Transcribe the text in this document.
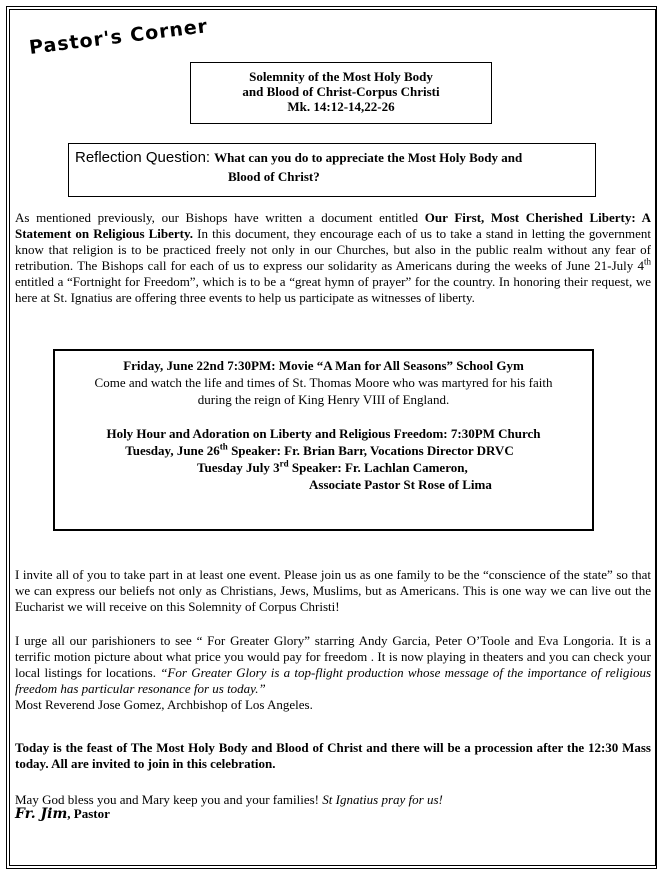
Pastor's Corner
Solemnity of the Most Holy Body
and Blood of Christ-Corpus Christi
Mk. 14:12-14,22-26
Reflection Question: What can you do to appreciate the Most Holy Body and
Blood of Christ?

As mentioned previously, our Bishops have written a document entitled Our First, Most Cherished Liberty: A Statement on Religious Liberty. In this document, they encourage each of us to take a stand in letting the government know that religion is to be practiced freely not only in our Churches, but also in the public realm without any fear of retribution. The Bishops call for each of us to express our solidarity as Americans during the weeks of June 21-July 4th entitled a “Fortnight for Freedom”, which is to be a “great hymn of prayer” for the country. In honoring their request, we here at St. Ignatius are offering three events to help us participate as witnesses of liberty.

Friday, June 22nd 7:30PM: Movie “A Man for All Seasons” School Gym
Come and watch the life and times of St. Thomas Moore who was martyred for his faith
during the reign of King Henry VIII of England.
Holy Hour and Adoration on Liberty and Religious Freedom: 7:30PM Church
Tuesday, June 26th Speaker: Fr. Brian Barr, Vocations Director DRVC
Tuesday July 3rd Speaker: Fr. Lachlan Cameron,
Associate Pastor St Rose of Lima

I invite all of you to take part in at least one event. Please join us as one family to be the “conscience of the state” so that we can express our beliefs not only as Christians, Jews, Muslims, but as Americans. This is one way we can live out the Eucharist we will receive on this Solemnity of Corpus Christi!

I urge all our parishioners to see “ For Greater Glory” starring Andy Garcia, Peter O’Toole and Eva Longoria. It is a terrific motion picture about what price you would pay for freedom . It is now playing in theaters and you can check your local listings for locations. “For Greater Glory is a top-flight production whose message of the importance of religious freedom has particular resonance for us today.”
Most Reverend Jose Gomez, Archbishop of Los Angeles.

Today is the feast of The Most Holy Body and Blood of Christ and there will be a procession after the 12:30 Mass today. All are invited to join in this celebration.

May God bless you and Mary keep you and your families! St Ignatius pray for us!

Fr. Jim, Pastor
